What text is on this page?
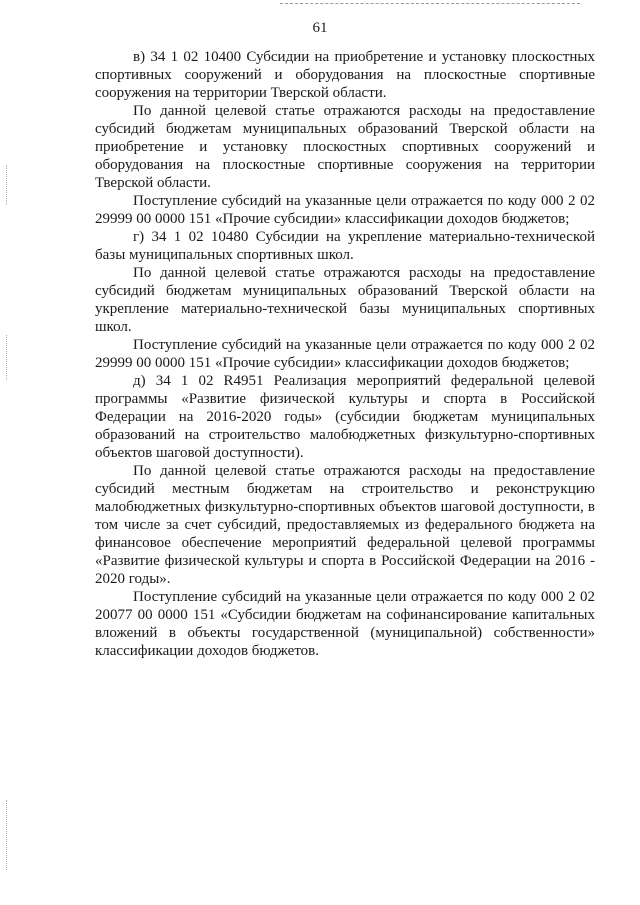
61

в) 34 1 02 10400 Субсидии на приобретение и установку плоскостных спортивных сооружений и оборудования на плоскостные спортивные сооружения на территории Тверской области.

По данной целевой статье отражаются расходы на предоставление субсидий бюджетам муниципальных образований Тверской области на приобретение и установку плоскостных спортивных сооружений и оборудования на плоскостные спортивные сооружения на территории Тверской области.

Поступление субсидий на указанные цели отражается по коду 000 2 02 29999 00 0000 151 «Прочие субсидии» классификации доходов бюджетов;

г) 34 1 02 10480 Субсидии на укрепление материально-технической базы муниципальных спортивных школ.

По данной целевой статье отражаются расходы на предоставление субсидий бюджетам муниципальных образований Тверской области на укрепление материально-технической базы муниципальных спортивных школ.

Поступление субсидий на указанные цели отражается по коду 000 2 02 29999 00 0000 151 «Прочие субсидии» классификации доходов бюджетов;

д) 34 1 02 R4951 Реализация мероприятий федеральной целевой программы «Развитие физической культуры и спорта в Российской Федерации на 2016-2020 годы» (субсидии бюджетам муниципальных образований на строительство малобюджетных физкультурно-спортивных объектов шаговой доступности).

По данной целевой статье отражаются расходы на предоставление субсидий местным бюджетам на строительство и реконструкцию малобюджетных физкультурно-спортивных объектов шаговой доступности, в том числе за счет субсидий, предоставляемых из федерального бюджета на финансовое обеспечение мероприятий федеральной целевой программы «Развитие физической культуры и спорта в Российской Федерации на 2016 - 2020 годы».

Поступление субсидий на указанные цели отражается по коду 000 2 02 20077 00 0000 151 «Субсидии бюджетам на софинансирование капитальных вложений в объекты государственной (муниципальной) собственности» классификации доходов бюджетов.
